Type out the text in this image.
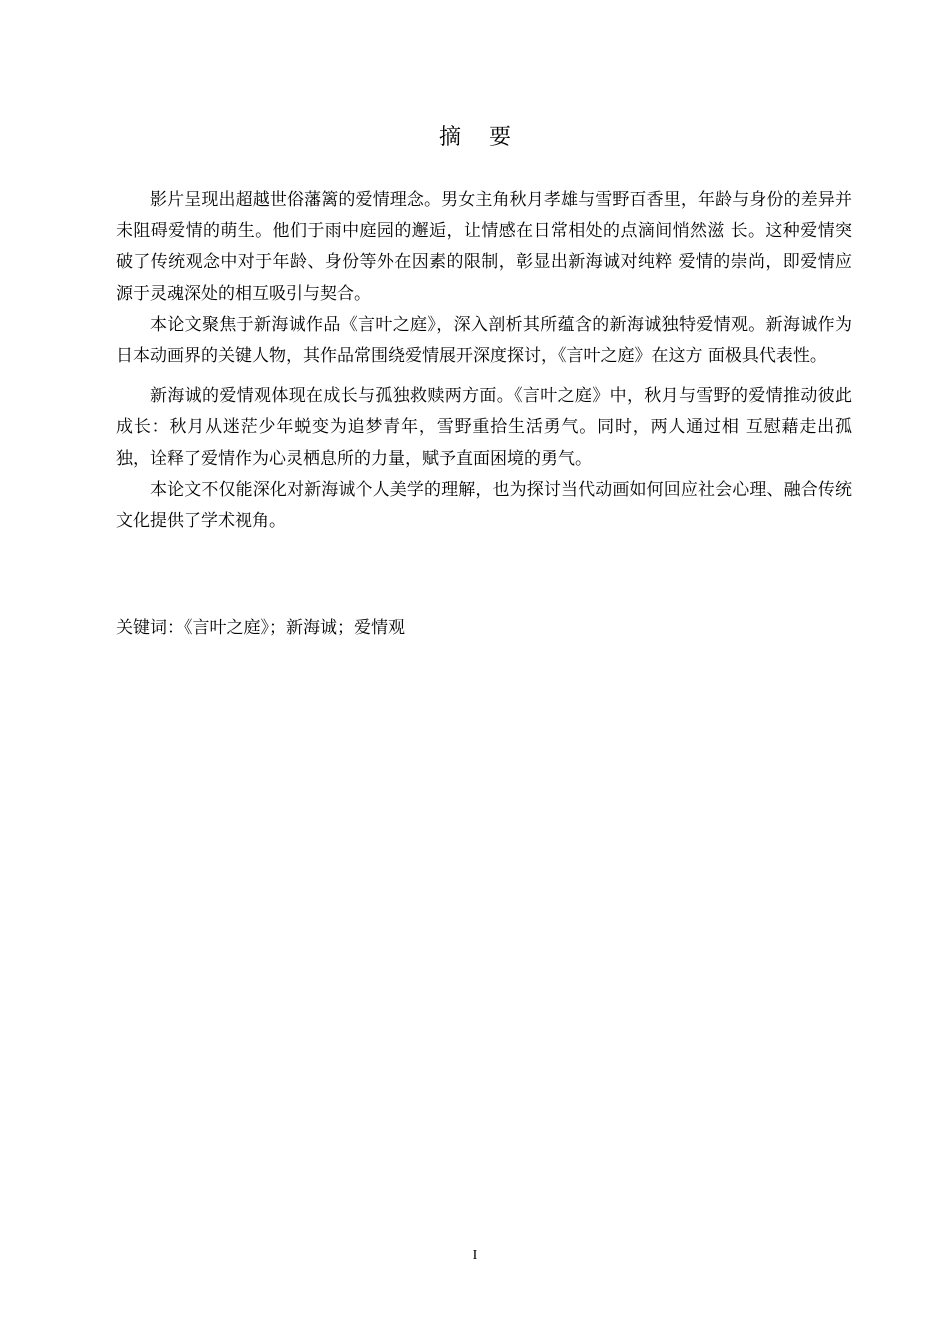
摘 要

影片呈现出超越世俗藩篱的爱情理念。男女主角秋月孝雄与雪野百香里，年龄与身份的差异并未阻碍爱情的萌生。他们于雨中庭园的邂逅，让情感在日常相处的点滴间悄然滋 长。这种爱情突破了传统观念中对于年龄、身份等外在因素的限制，彰显出新海诚对纯粹 爱情的崇尚，即爱情应源于灵魂深处的相互吸引与契合。

本论文聚焦于新海诚作品《言叶之庭》，深入剖析其所蕴含的新海诚独特爱情观。新海诚作为日本动画界的关键人物，其作品常围绕爱情展开深度探讨，《言叶之庭》在这方 面极具代表性。

新海诚的爱情观体现在成长与孤独救赎两方面。《言叶之庭》中，秋月与雪野的爱情推动彼此成长：秋月从迷茫少年蜕变为追梦青年，雪野重拾生活勇气。同时，两人通过相 互慰藉走出孤独，诠释了爱情作为心灵栖息所的力量，赋予直面困境的勇气。

本论文不仅能深化对新海诚个人美学的理解，也为探讨当代动画如何回应社会心理、融合传统文化提供了学术视角。

关键词：《言叶之庭》；新海诚；爱情观
I
